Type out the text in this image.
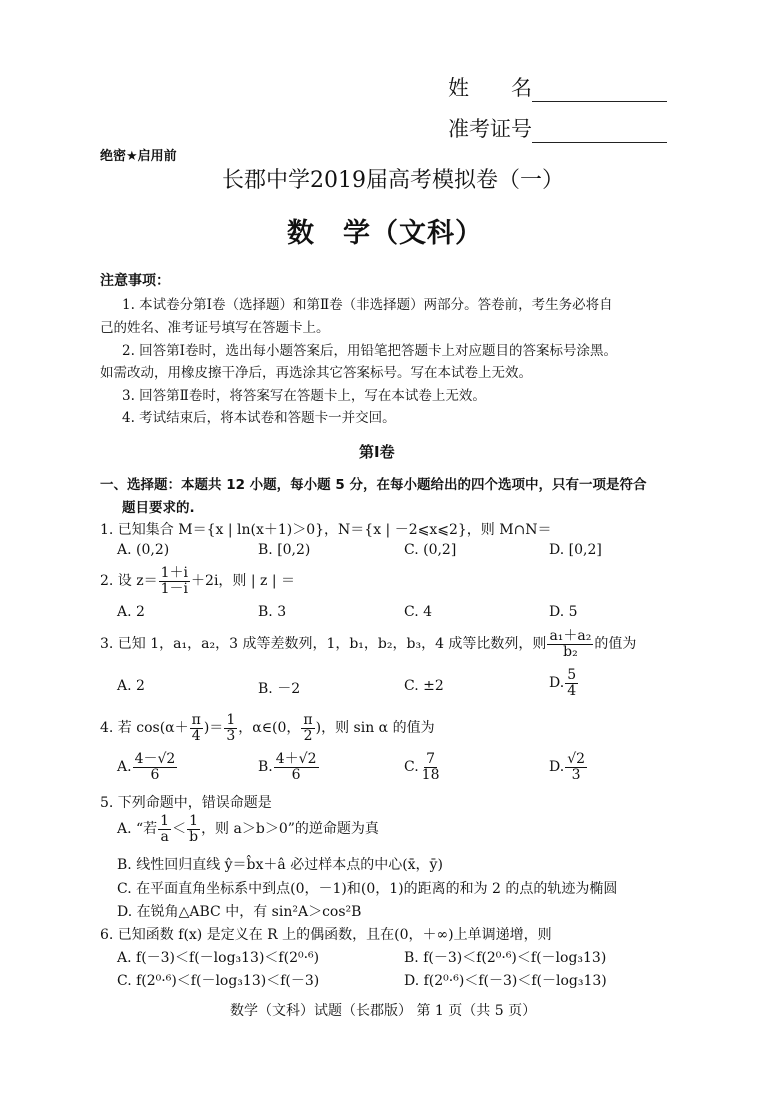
姓　　名
准考证号
绝密★启用前
长郡中学2019届高考模拟卷（一）
数　学（文科）
注意事项：
1. 本试卷分第Ⅰ卷（选择题）和第Ⅱ卷（非选择题）两部分。答卷前，考生务必将自
己的姓名、准考证号填写在答题卡上。
2. 回答第Ⅰ卷时，选出每小题答案后，用铅笔把答题卡上对应题目的答案标号涂黑。
如需改动，用橡皮擦干净后，再选涂其它答案标号。写在本试卷上无效。
3. 回答第Ⅱ卷时，将答案写在答题卡上，写在本试卷上无效。
4. 考试结束后，将本试卷和答题卡一并交回。
第Ⅰ卷
一、选择题：本题共 12 小题，每小题 5 分，在每小题给出的四个选项中，只有一项是符合
题目要求的.
1. 已知集合 M＝{x | ln(x＋1)＞0}，N＝{x | －2⩽x⩽2}，则 M∩N＝
A. (0,2)	B. [0,2)	C. (0,2]	D. [0,2]
2. 设 $z= \frac{1+i}{1-i} +2i$，则 | z | ＝
A. 2	B. 3	C. 4	D. 5
3. 已知 1，a₁，a₂，3 成等差数列，1，b₁，b₂，b₃，4 成等比数列，则 $\frac{\text{a₁＋a₂}}{\text{b₂}}$ 的值为
A. 2	B. －2	C. ±2	D. $\frac{5}{4}$
4. 若 $\cos(\alpha+ \frac{\pi}{4}$ )＝ $\frac{1}{3}$ ，α∈(0， $\frac{\pi}{2}$ )，则 sin α 的值为
A. $\frac{4-√2}{6}$	B. $\frac{4+√2}{6}$	C. $\frac{7}{18}$	D. $\frac{√2}{3}$
5. 下列命题中，错误命题是
A. “若 $\frac{1}{a} < \frac{1}{b}$ ，则 a＞b＞0”的逆命题为真
B. 线性回归直线 ŷ＝b̂x＋â 必过样本点的中心(x̄，ȳ)
C. 在平面直角坐标系中到点(0，－1)和(0，1)的距离的和为 2 的点的轨迹为椭圆
D. 在锐角△ABC 中，有 sin²A＞cos²B
6. 已知函数 f(x) 是定义在 R 上的偶函数，且在(0，＋∞)上单调递增，则
A. f(－3)＜f(－log₃13)＜f(2⁰·⁶)	B. f(－3)＜f(2⁰·⁶)＜f(－log₃13)
C. f(2⁰·⁶)＜f(－log₃13)＜f(－3)	D. f(2⁰·⁶)＜f(－3)＜f(－log₃13)
数学（文科）试题（长郡版） 第 1 页（共 5 页）
